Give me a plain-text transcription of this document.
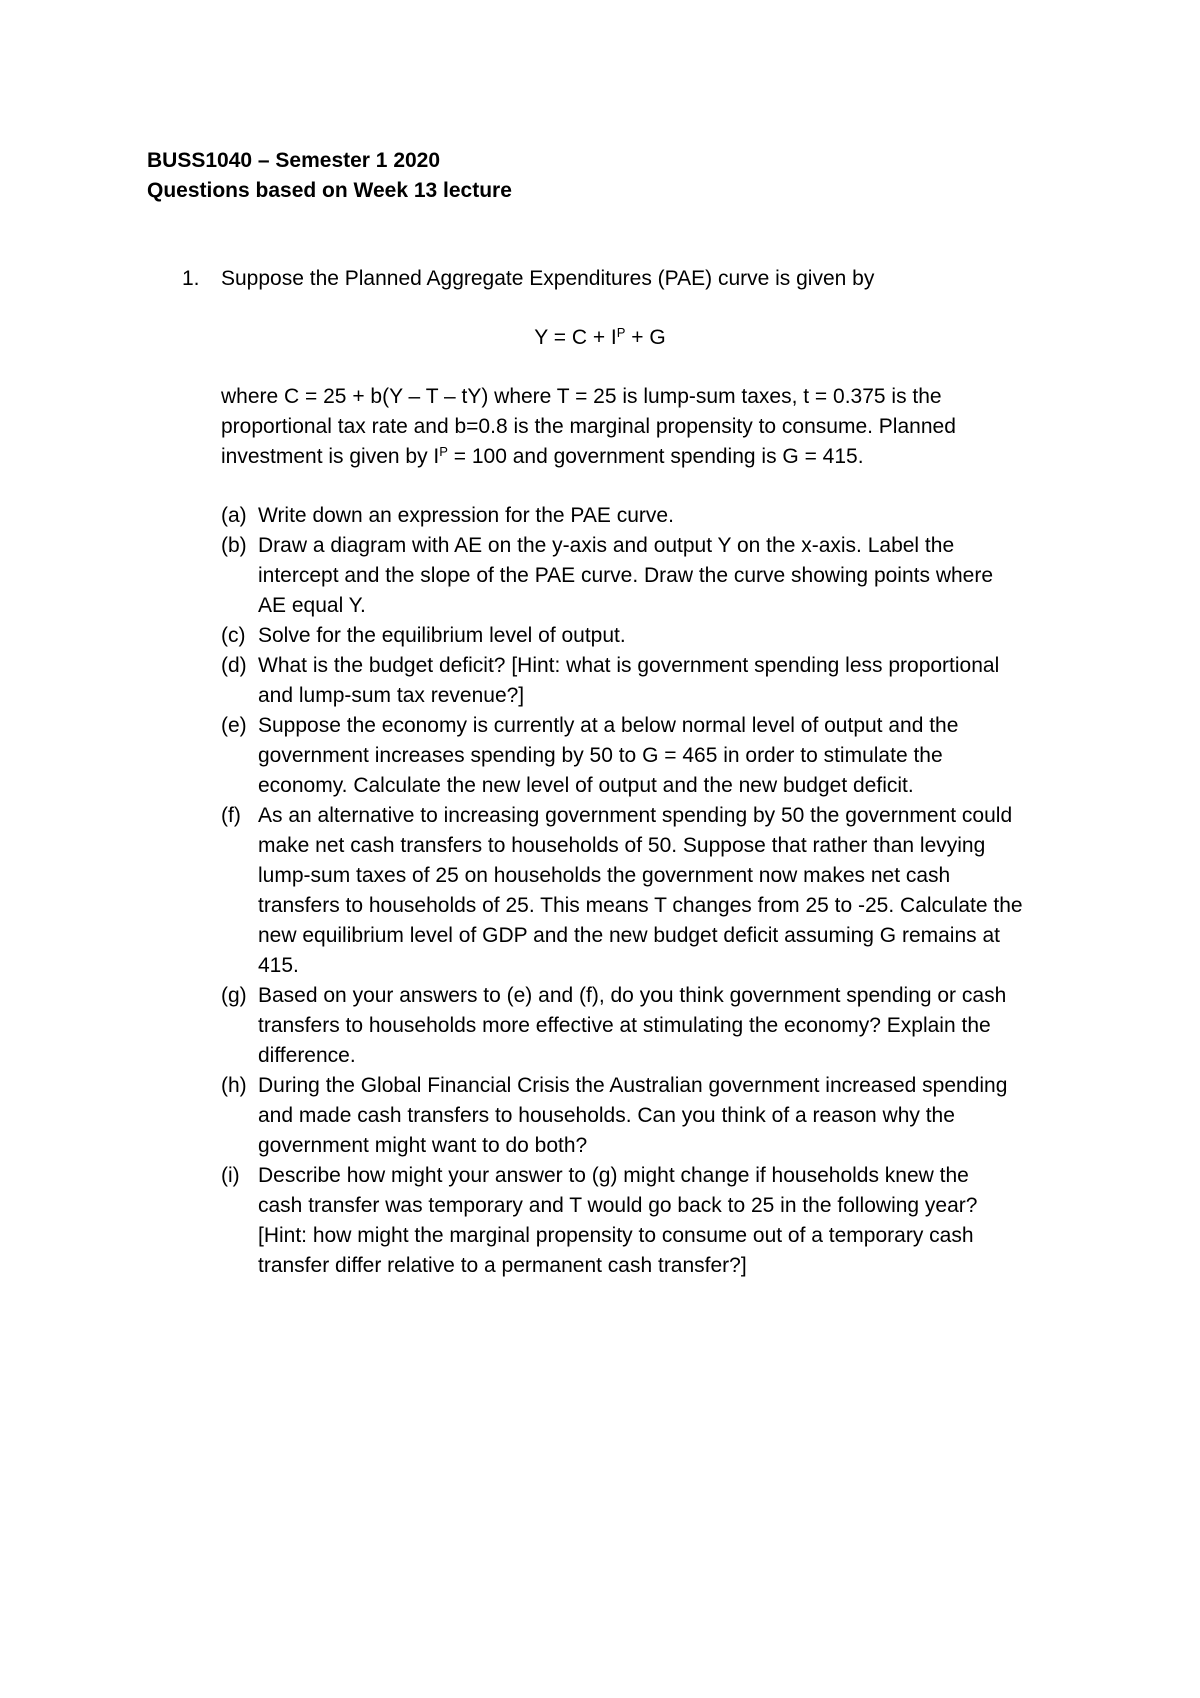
BUSS1040 – Semester 1 2020
Questions based on Week 13 lecture
1. Suppose the Planned Aggregate Expenditures (PAE) curve is given by
$Y = C + I^P + G$
where C = 25 + b(Y – T – tY) where T = 25 is lump-sum taxes, t = 0.375 is the
proportional tax rate and b=0.8 is the marginal propensity to consume. Planned
investment is given by $I^P = 100$ and government spending is G = 415.
(a) Write down an expression for the PAE curve.
(b) Draw a diagram with AE on the y-axis and output Y on the x-axis. Label the
intercept and the slope of the PAE curve. Draw the curve showing points where
AE equal Y.
(c) Solve for the equilibrium level of output.
(d) What is the budget deficit? [Hint: what is government spending less proportional
and lump-sum tax revenue?]
(e) Suppose the economy is currently at a below normal level of output and the
government increases spending by 50 to G = 465 in order to stimulate the
economy. Calculate the new level of output and the new budget deficit.
(f) As an alternative to increasing government spending by 50 the government could
make net cash transfers to households of 50. Suppose that rather than levying
lump-sum taxes of 25 on households the government now makes net cash
transfers to households of 25. This means T changes from 25 to -25. Calculate the
new equilibrium level of GDP and the new budget deficit assuming G remains at
415.
(g) Based on your answers to (e) and (f), do you think government spending or cash
transfers to households more effective at stimulating the economy? Explain the
difference.
(h) During the Global Financial Crisis the Australian government increased spending
and made cash transfers to households. Can you think of a reason why the
government might want to do both?
(i) Describe how might your answer to (g) might change if households knew the
cash transfer was temporary and T would go back to 25 in the following year?
[Hint: how might the marginal propensity to consume out of a temporary cash
transfer differ relative to a permanent cash transfer?]
